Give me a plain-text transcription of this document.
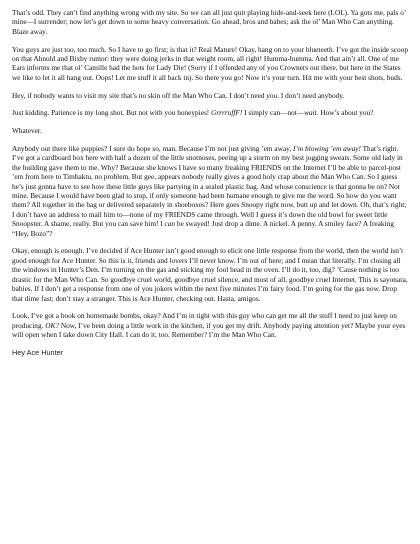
That’s odd. They can’t find anything wrong with my site. So we can all just quit playing hide-and-seek here (LOL). Ya gots me, pals o’ mine—I surrender; now let’s get down to some heavy conversation. Go ahead, bros and babes; ask the ol’ Man Who Can anything. Blaze away.

You guys are just too, too much. So I have to go first; is that it? Real Mature! Okay, hang on to your blueteeth. I’ve got the inside scoop on that Ahnold and Bixby rumor: they were doing jerks in that weight room, all right! Humma-humma. And that ain’t all. One of me Ears informs me that ol’ Camille had the hots for Lady Die! (Sorry if I offended any of you Crowners out there, but here in the States we like to let it all hang out. Oops! Let me stuff it all back in). So there you go! Now it’s your turn. Hit me with your best shots, buds.

Hey, if nobody wants to visit my site that’s no skin off the Man Who Can. I don’t need you. I don’t need anybody.

Just kidding. Patience is my long shot. But not with you honeypies! GrrrruffF! I simply can—not—wait. How’s about you?

Whatever.

Anybody out there like puppies? I sure do hope so, man. Because I’m not just giving ’em away, I’m blowing ’em away! That’s right. I’ve got a cardboard box here with half a dozen of the little snotnoses, peeing up a storm on my best jogging sweats. Some old lady in the building gave them to me. Why? Because she knows I have so many freaking FRIENDS on the Internet I’ll be able to parcel-post ’em from here to Timbaktu, no problem. But gee, appears nobody really gives a good holy crap about the Man Who Can. So I guess he’s just gonna have to see how these little guys like partying in a sealed plastic bag. And whose conscience is that gonna be on? Not mine. Because I would have been glad to stop, if only someone had been humane enough to give me the word. So how do you want them? All together in the bag or delivered separately in shoeboxes? Here goes Snoopy right now, butt up and let down. Oh, that’s right; I don’t have an address to mail him to—none of my FRIENDS came through. Well I guess it’s down the old bowl for sweet little Snoopster. A shame, really. But you can save him! I can be swayed! Just drop a dime. A nickel. A penny. A smiley face? A freaking “Hey, Bozo”?

Okay, enough is enough. I’ve decided if Ace Hunter isn’t good enough to elicit one little response from the world, then the world isn’t good enough for Ace Hunter. So this is it, friends and lovers I’ll never know. I’m out of here; and I mean that literally. I’m closing all the windows in Hunter’s Den. I’m turning on the gas and sticking my fool head in the oven. I’ll do it, too, dig? ’Cause nothing is too drastic for the Man Who Can. So goodbye cruel world, goodbye cruel silence, and most of all, goodbye cruel Internet. This is sayonara, babies. If I don’t get a response from one of you jokers within the next five minutes I’m fairy food. I’m going for the gas now. Drop that dime fast; don’t stay a stranger. This is Ace Hunter, checking out. Hasta, amigos.

Look, I’ve got a book on homemade bombs, okay? And I’m in tight with this guy who can get me all the stuff I need to just keep on producing. OK? Now, I’ve been doing a little work in the kitchen, if you get my drift. Anybody paying attention yet? Maybe your eyes will open when I take down City Hall. I can do it, too. Remember? I’m the Man Who Can.

Hey Ace Hunter
